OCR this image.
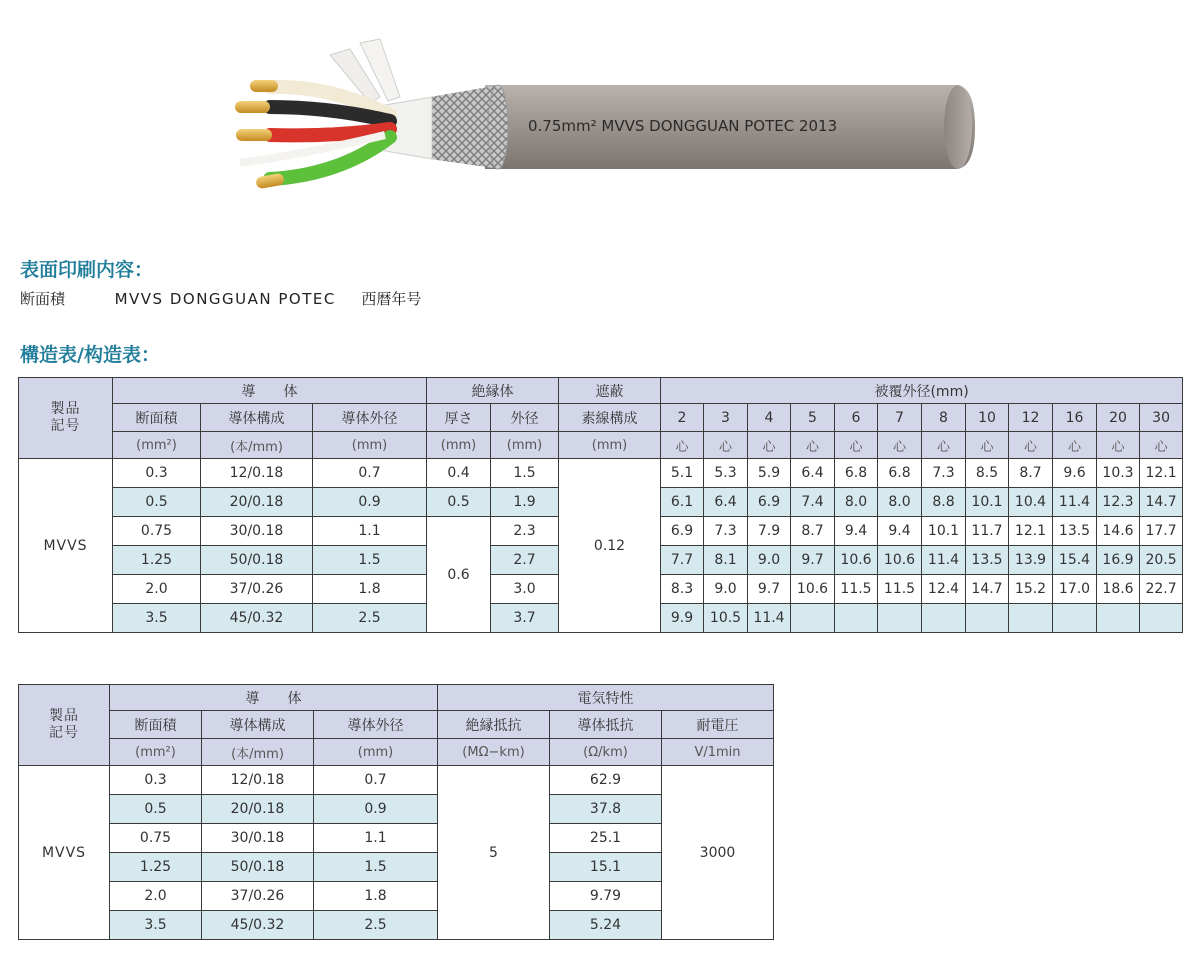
0.75mm² MVVS DONGGUAN POTEC 2013
表面印刷内容：
断面積	MVVS DONGGUAN POTEC 西暦年号
構造表/构造表：
製品記号	導　　体			絶縁体		遮蔽	被覆外径(mm)											
	断面積	導体構成	導体外径	厚さ	外径	素線構成	2	3	4	5	6	7	8	10	12	16	20	30
	(mm²)	(本/mm)	(mm)	(mm)	(mm)	(mm)	心	心	心	心	心	心	心	心	心	心	心	心
MVVS	0.3	12/0.18	0.7	0.4	1.5	0.12	5.1	5.3	5.9	6.4	6.8	6.8	7.3	8.5	8.7	9.6	10.3	12.1
	0.5	20/0.18	0.9	0.5	1.9		6.1	6.4	6.9	7.4	8.0	8.0	8.8	10.1	10.4	11.4	12.3	14.7
	0.75	30/0.18	1.1	0.6	2.3		6.9	7.3	7.9	8.7	9.4	9.4	10.1	11.7	12.1	13.5	14.6	17.7
	1.25	50/0.18	1.5		2.7		7.7	8.1	9.0	9.7	10.6	10.6	11.4	13.5	13.9	15.4	16.9	20.5
	2.0	37/0.26	1.8		3.0		8.3	9.0	9.7	10.6	11.5	11.5	12.4	14.7	15.2	17.0	18.6	22.7
	3.5	45/0.32	2.5		3.7		9.9	10.5	11.4									
製品記号	導　　体			電気特性		
	断面積	導体構成	導体外径	絶縁抵抗	導体抵抗	耐電圧
	(mm²)	(本/mm)	(mm)	(MΩ−km)	(Ω/km)	V/1min
MVVS	0.3	12/0.18	0.7	5	62.9	3000
	0.5	20/0.18	0.9		37.8	
	0.75	30/0.18	1.1		25.1	
	1.25	50/0.18	1.5		15.1	
	2.0	37/0.26	1.8		9.79	
	3.5	45/0.32	2.5		5.24	
